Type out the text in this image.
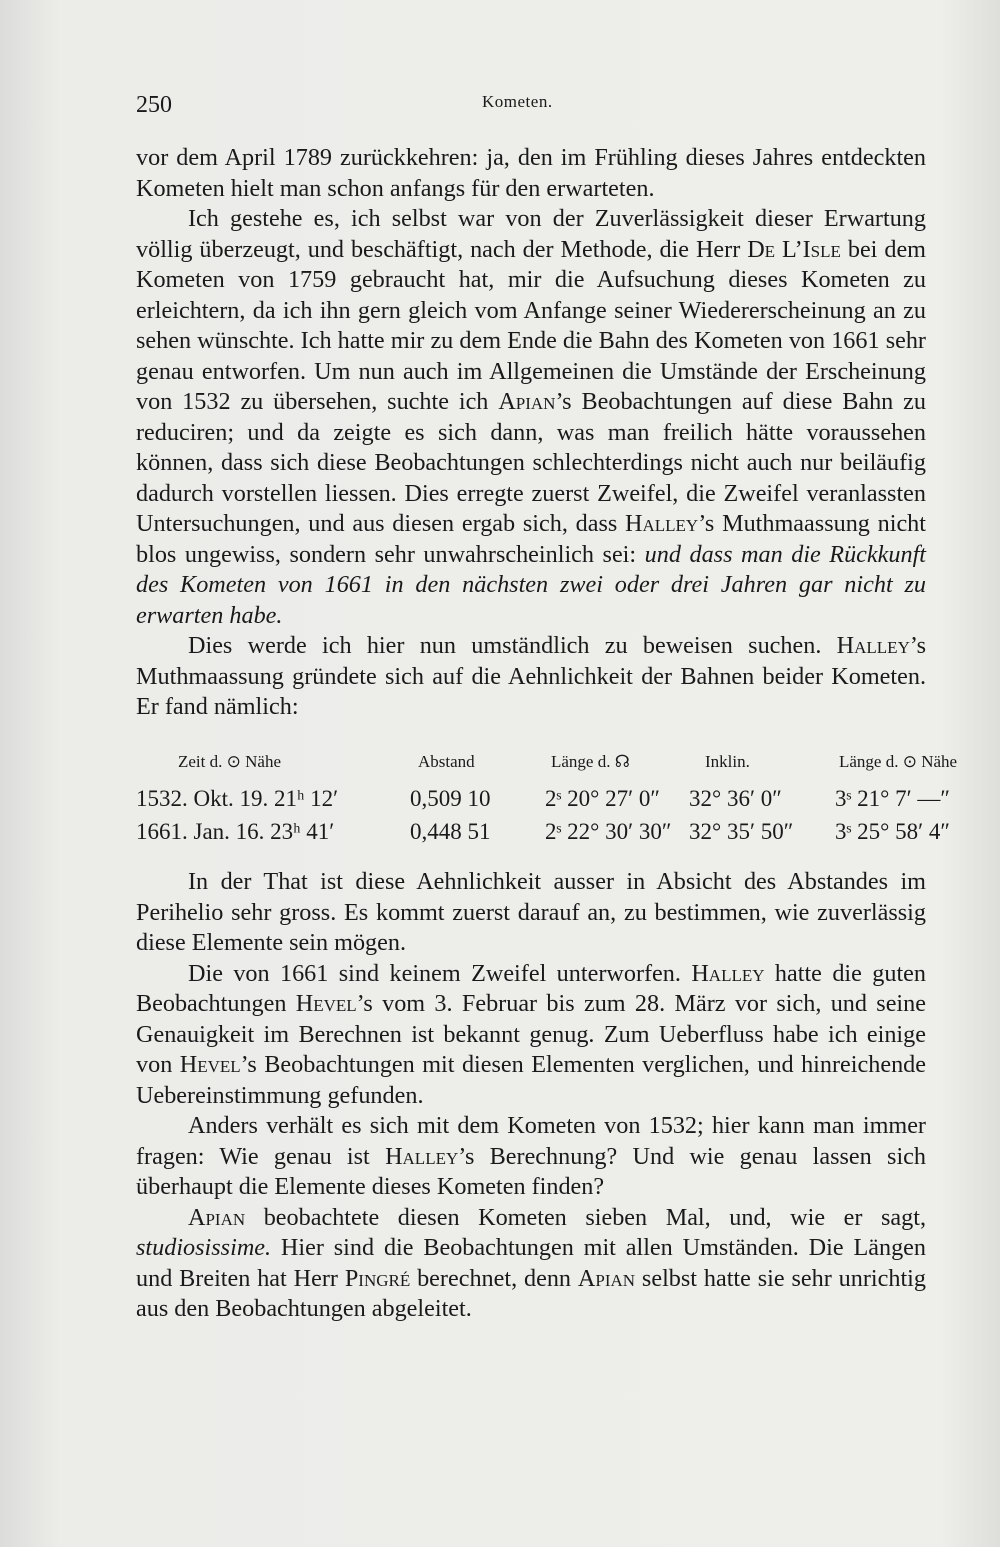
250	Kometen.

vor dem April 1789 zurückkehren: ja, den im Frühling dieses Jahres entdeckten Kometen hielt man schon anfangs für den erwarteten.

Ich gestehe es, ich selbst war von der Zuverlässigkeit dieser Erwartung völlig überzeugt, und beschäftigt, nach der Methode, die Herr De L’Isle bei dem Kometen von 1759 gebraucht hat, mir die Aufsuchung dieses Kometen zu erleichtern, da ich ihn gern gleich vom Anfange seiner Wiedererscheinung an zu sehen wünschte. Ich hatte mir zu dem Ende die Bahn des Kometen von 1661 sehr genau entworfen. Um nun auch im Allgemeinen die Umstände der Erscheinung von 1532 zu übersehen, suchte ich Apian’s Beobachtungen auf diese Bahn zu reduciren; und da zeigte es sich dann, was man freilich hätte voraussehen können, dass sich diese Beobachtungen schlechterdings nicht auch nur beiläufig dadurch vorstellen liessen. Dies erregte zuerst Zweifel, die Zweifel veranlassten Untersuchungen, und aus diesen ergab sich, dass Halley’s Muthmaassung nicht blos ungewiss, sondern sehr unwahrscheinlich sei: und dass man die Rückkunft des Kometen von 1661 in den nächsten zwei oder drei Jahren gar nicht zu erwarten habe.

Dies werde ich hier nun umständlich zu beweisen suchen. Halley’s Muthmaassung gründete sich auf die Aehnlichkeit der Bahnen beider Kometen. Er fand nämlich:

Zeit d. ⊙ Nähe	Abstand	Länge d. ☊	Inklin.	Länge d. ⊙ Nähe
1532. Okt. 19. 21ʰ 12′	0,509 10	2ˢ 20° 27′ 0″	32° 36′ 0″	3ˢ 21° 7′ —″
1661. Jan. 16. 23ʰ 41′	0,448 51	2ˢ 22° 30′ 30″	32° 35′ 50″	3ˢ 25° 58′ 4″

In der That ist diese Aehnlichkeit ausser in Absicht des Abstandes im Perihelio sehr gross. Es kommt zuerst darauf an, zu bestimmen, wie zuverlässig diese Elemente sein mögen.

Die von 1661 sind keinem Zweifel unterworfen. Halley hatte die guten Beobachtungen Hevel’s vom 3. Februar bis zum 28. März vor sich, und seine Genauigkeit im Berechnen ist bekannt genug. Zum Ueberfluss habe ich einige von Hevel’s Beobachtungen mit diesen Elementen verglichen, und hinreichende Uebereinstimmung gefunden.

Anders verhält es sich mit dem Kometen von 1532; hier kann man immer fragen: Wie genau ist Halley’s Berechnung? Und wie genau lassen sich überhaupt die Elemente dieses Kometen finden?

Apian beobachtete diesen Kometen sieben Mal, und, wie er sagt, studiosissime. Hier sind die Beobachtungen mit allen Umständen. Die Längen und Breiten hat Herr Pingré berechnet, denn Apian selbst hatte sie sehr unrichtig aus den Beobachtungen abgeleitet.
